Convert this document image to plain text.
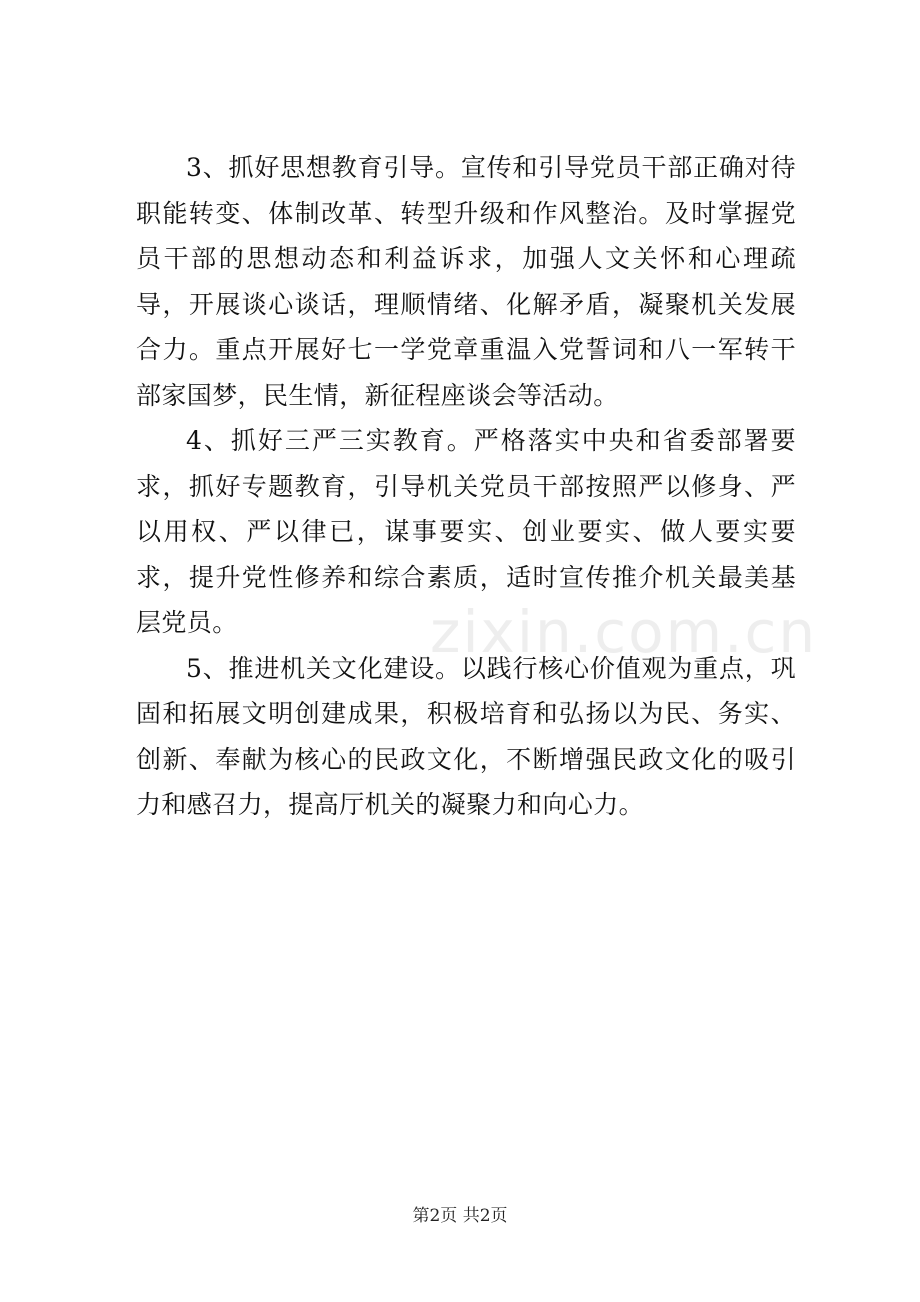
3、抓好思想教育引导。宣传和引导党员干部正确对待职能转变、体制改革、转型升级和作风整治。及时掌握党员干部的思想动态和利益诉求，加强人文关怀和心理疏导，开展谈心谈话，理顺情绪、化解矛盾，凝聚机关发展合力。重点开展好七一学党章重温入党誓词和八一军转干部家国梦，民生情，新征程座谈会等活动。

4、抓好三严三实教育。严格落实中央和省委部署要求，抓好专题教育，引导机关党员干部按照严以修身、严以用权、严以律已，谋事要实、创业要实、做人要实要求，提升党性修养和综合素质，适时宣传推介机关最美基层党员。

5、推进机关文化建设。以践行核心价值观为重点，巩固和拓展文明创建成果，积极培育和弘扬以为民、务实、创新、奉献为核心的民政文化，不断增强民政文化的吸引力和感召力，提高厅机关的凝聚力和向心力。

zixin.com.cn
第2页 共2页
